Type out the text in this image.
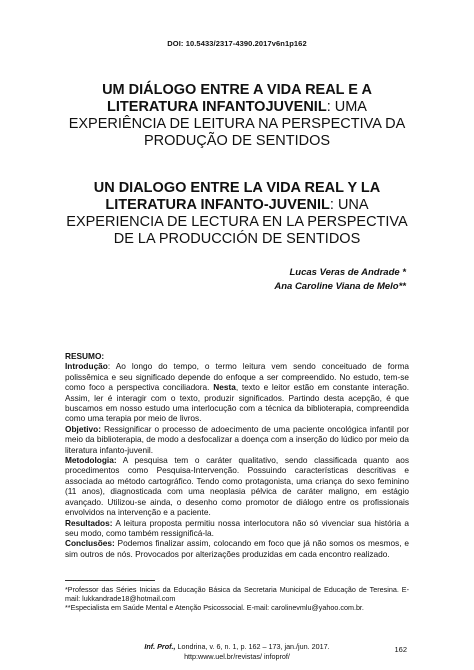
DOI: 10.5433/2317-4390.2017v6n1p162
UM DIÁLOGO ENTRE A VIDA REAL E A LITERATURA INFANTOJUVENIL: UMA EXPERIÊNCIA DE LEITURA NA PERSPECTIVA DA PRODUÇÃO DE SENTIDOS
UN DIALOGO ENTRE LA VIDA REAL Y LA LITERATURA INFANTO-JUVENIL: UNA EXPERIENCIA DE LECTURA EN LA PERSPECTIVA DE LA PRODUCCIÓN DE SENTIDOS
Lucas Veras de Andrade *
Ana Caroline Viana de Melo**
RESUMO:

Introdução: Ao longo do tempo, o termo leitura vem sendo conceituado de forma polissêmica e seu significado depende do enfoque a ser compreendido. No estudo, tem-se como foco a perspectiva conciliadora. Nesta, texto e leitor estão em constante interação. Assim, ler é interagir com o texto, produzir significados. Partindo desta acepção, é que buscamos em nosso estudo uma interlocução com a técnica da biblioterapia, compreendida como uma terapia por meio de livros.

Objetivo: Ressignificar o processo de adoecimento de uma paciente oncológica infantil por meio da biblioterapia, de modo a desfocalizar a doença com a inserção do lúdico por meio da literatura infanto-juvenil.

Metodologia: A pesquisa tem o caráter qualitativo, sendo classificada quanto aos procedimentos como Pesquisa-Intervenção. Possuindo características descritivas e associada ao método cartográfico. Tendo como protagonista, uma criança do sexo feminino (11 anos), diagnosticada com uma neoplasia pélvica de caráter maligno, em estágio avançado. Utilizou-se ainda, o desenho como promotor de diálogo entre os profissionais envolvidos na intervenção e a paciente.

Resultados: A leitura proposta permitiu nossa interlocutora não só vivenciar sua história a seu modo, como também ressignificá-la.

Conclusões: Podemos finalizar assim, colocando em foco que já não somos os mesmos, e sim outros de nós. Provocados por alterizações produzidas em cada encontro realizado.

*Professor das Séries Inicias da Educação Básica da Secretaria Municipal de Educação de Teresina. E-mail: lukkandrade18@hotmail.com

**Especialista em Saúde Mental e Atenção Psicossocial. E-mail: carolinevmlu@yahoo.com.br.

Inf. Prof., Londrina, v. 6, n. 1, p. 162 – 173, jan./jun. 2017.
http:www.uel.br/revistas/ infoprof/
162
